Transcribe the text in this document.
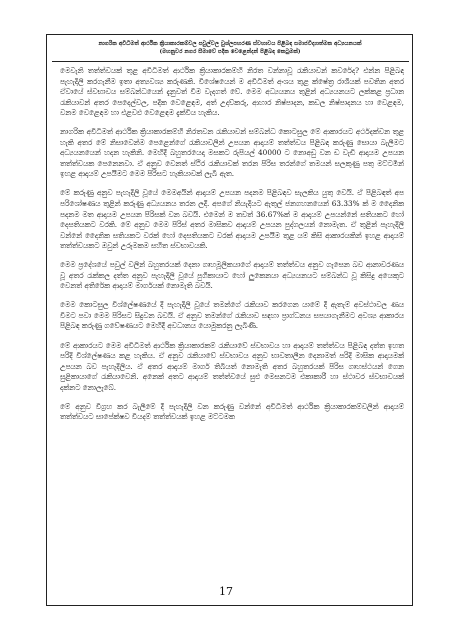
නාගරික අවිධිමත් ආර්ථික ක්‍රියාකාරකම්වල පවුල්වල වුශ්ලපහරණ ස්වභාවය පිළිබඳ සමාජවිද්‍යාත්මක අධ්‍යයනයක්
(මහනුවර නගර සීමාවේ පදික වෙළෙන්දන් පිළිබඳ කෙටුමක්)

මෙවැනි තත්ත්වයක් තුළ අවිධිමත් ආර්ථික ක්‍රියාකාරකම්හි නිරත වන්නාවූ රැකියාවන් කවරේද? එන්න පිළිබඳ පැහැදිලි කරගැනීම ඉතා අත්‍යවශ්‍ය කරුණකි. විශේෂයෙන් ම අවිධිමත් අංශය තුළ ක්ෂේත්‍ර රාශියක් පවතින අතර ඒවායේ ස්වභාවය සම්බන්ධයෙන් දැනුවත් වීම වැදගත් වේ. මෙම අධ්‍යයනය තුළින් අධ්‍යයනයට ලක්කළ ප්‍රධාන රැකියාවන් අතර පෙදෙල්වල, පදික වෙළෙඳම, අත් උදව්කරු, ආහාර නිෂ්පාදන, කඩල නිෂ්පාදනය හා වෙළඳම, වනම වෙළෙඳම හා එළවළු වෙළෙඳම දැක්විය හැකිය.

නාගරික අවිධිමත් ආර්ථික ක්‍රියාකාරකම්හි නිරතවන රැකියාවන් සම්බන්ධ කොටසුල මේ ආකාරයට අර්ථදක්වන තුළ හැකි අතර මේ නිසාවෙන්ම පෙළෙන්ගේ රැකියාවලින් උපයන ආදායම් තත්ත්වය පිළිබඳ කරුණු සොයා බැලීමට අධ්‍යයනයෙන් හදන හැකිනි. මෙහිදී බහුතරයෙදා මසකට රුපියල් 40000 ට නොඅඩු වන ඩ වැඩි ආදායම උපයන තත්ත්වයක පෙනෙනවා. ඒ අනුව වෙනත් ස්ථිර රැකියාවක් තරන පිරිස තරන්ගේ තමයන් සලකුණු පතු මට්ටමින් ඉහළ ආදායම් උපයීමට මෙම පිරිසට හැකියාවක් ලැබී ඇත.

මේ කරුණු අනුව පැහැදිලි වූයේ මෙමඅයින් ආදායම් උපයන පදනම පිළිබඳව සැලකිය යුතු වෙයි. ඒ පිළිබඳත් අප පරිශෝෂණය තුළින් කරුණු අධ්‍යයනය තරන ලදී. අපගේ නියැදියට ඇතුල් ජනගහනයෙන් 63.33% ක් ම දෛනික පදනම මත ආදායම උපයන පිරිසක් වන බවයි. එමෙන් ම තවත් 36.67%ක් ම ආදායම් උපයන්නේ සතියකට හෝ දෙසතියකට වරකි. මේ අනුව මෙම පිරිස් අතර මාසිකව ආදායම් උපයන පුද්ගලයන් නොමැත. ඒ තුළින් පැහැදිලි වන්නේ දෛනික සතියකට වරක් හෝ දෙසතියකට වරක් ආදායම උපයීම තුළ යම් කිසි ආකාරයකින් ඉහළ ආදායම් තත්ත්වයකට ඔවුන් උරුමකම සහිත ස්වභාවයකි.

මෙම ප්‍රදේශයේ පවුල් වලින් බහුතරයක් දෙනා ගෘහමූලිකයාගේ ආදායම් තත්ත්වය අනුව ගැසෙන බව ආනාවරණය වූ අතර රැක්කල දත්ත අනුව පැහැදිලි වූයේ පුගිකායාට හෝ ලුකෙනයා අධ්‍යයනයට සම්බන්ධ වූ කිසිදු අයෙකුට වෙනත් අතිරේක ආදායම් මාර්ගයක් නොමැති බවයි.

මෙම කොටසුල විශ්ලේෂණයේ දී පැහැදිලි වූයේ තමන්ගේ රැකියාව කරගෙන යාමේ දී ඇතැම් අවස්ථාවල ණය වීමට පවා මෙම පිරිසට සිදුවන බවයි. ඒ අනුව තමන්ගේ රැකියාව සඳහා ප්‍රාග්ධනය සපයාගැනීමට අවශ්‍ය ආකාරය පිළිබඳ කරුණු ගවේෂණයට මෙහිදී අවධානය යොමුකරනු ලැබිණි.

මේ ආකාරයට මෙම අවිධිමත් ආර්ථික ක්‍රියාකාරකම් රැකියාවේ ස්වභාවය හා ආදායම් තත්ත්වය පිළිබඳ දත්ත ඉහත පරිදි විශ්ලේෂණය කළ හැකිය. ඒ අනුව රැකියාවේ ස්වභාවය අනුව භාවතාලීන දෙනාමත් පරිදි මාසික ආදායමක් උපයන බව පැහැදිලිය. ඒ අතර ආදායම් මාර්ග තිබියත් නොමැති අතර බහුතරයක් පිරිස ගෘහස්ථයන් ගෙන සුළිකායාගේ රැකියාවෙනි. අනෙක් අතට ආදායම් තත්ත්වයේ සුළු මෙසනටම එකාකාරී හා ස්ථාවර ස්වභාවයක් දක්නට නොලැබේ.

මේ අනුව විග්‍රහ කර බැලීමේ දී පැහැදිලි වන කරුණු වන්නේ අවිධිමත් ආර්ථික ක්‍රියාකාරකම්වලින් ආදායම් තත්ත්වයට සාපේක්ෂව වියදම් තත්ත්වයක් ඉහළ මට්ටමක

17
